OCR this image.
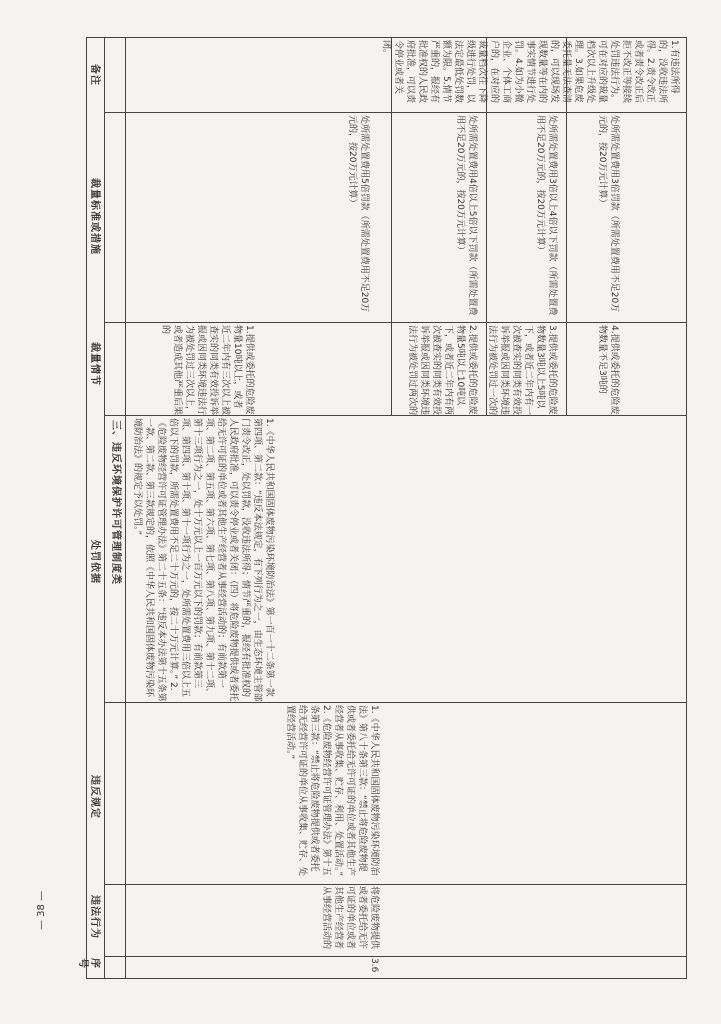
序号
违法行为
违反规定
处罚依据
裁量情节
裁量标准或措施
备注
三、违反环境保护许可管理制度类
3.6
将危险废物提供或者委托给无许可证的单位或者其他生产经营者从事经营活动的
1.《中华人民共和国固体废物污染环境防治法》第八十条第三款：“禁止将危险废物提供或者委托给无许可证的单位或者其他生产经营者从事收集、贮存、利用、处置活动。” 2.《危险废物经营许可证管理办法》第十五条第三款：“禁止将危险废物提供或者委托给无经营许可证的单位从事收集、贮存、处置经营活动。”
1.《中华人民共和国固体废物污染环境防治法》第一百一十二条第一款第四项、第二款：“违反本法规定，有下列行为之一，由生态环境主管部门责令改正，处以罚款，没收违法所得；情节严重的，报经有批准权的人民政府批准，可以责令停业或者关闭：（四）将危险废物提供或者委托给无许可证的单位或者其他生产经营者从事经营活动的；有前款第一项、第二项、第五项、第六项、第七项、第八项、第九项、第十二项、第十三项行为之一，处十万元以上一百万元以下的罚款；有前款第三项、第四项、第十项、第十一项行为之一，处所需处置费用三倍以上五倍以下的罚款，所需处置费用不足二十万元的，按二十万元计算。” 2.《危险废物经营许可证管理办法》第二十五条：“违反本办法第十五条第一款、第二款、第三款规定的，依照《中华人民共和国固体废物污染环境防治法》的规定予以处罚。”
1.提供或委托的危险废物量10吨以上，或者近二年内有三次以上被查实的同类有效投诉举报或因同类环境违法行为被处罚过三次以上，或者造成其他严重后果的
处所需处置费用5倍罚款（所需处置费用不足20万元的，按20万元计算）
2.提供或委托的危险废物量5吨以上10吨以下，或者近二年内有两次被查实的同类有效投诉举报或因同类环境违法行为被处罚过两次的
处所需处置费用4倍以上5倍以下罚款（所需处置费用不足20万元的，按20万元计算）
3.提供或委托的危险废物数量3吨以上5吨以下，或者近二年内有一次被查实的同类有效投诉举报或因同类环境违法行为被处罚过一次的
处所需处置费用3倍以上4倍以下罚款（所需处置费用不足20万元的，按20万元计算）
4.提供或委托的危险废物数量不足3吨的
处所需处置费用3倍罚款（所需处置费用不足20万元的，按20万元计算）
1.有违法所得的，没收违法所得。2.责令改正或者责令改正后拒不改正等接续处罚违法行为。可在对应的裁量档次以上升级处理。3.如果危废委托量无法查清的，可以现场发现数量等在内的事实情节进行处罚。4.如为小微企业、个体工商户的，在对应的裁量档次往下降级进行处罚，以法定最低处罚数额为限。5.情节严重的，报经有批准权的人民政府批准，可以责令停业或者关闭。
— 38 —
